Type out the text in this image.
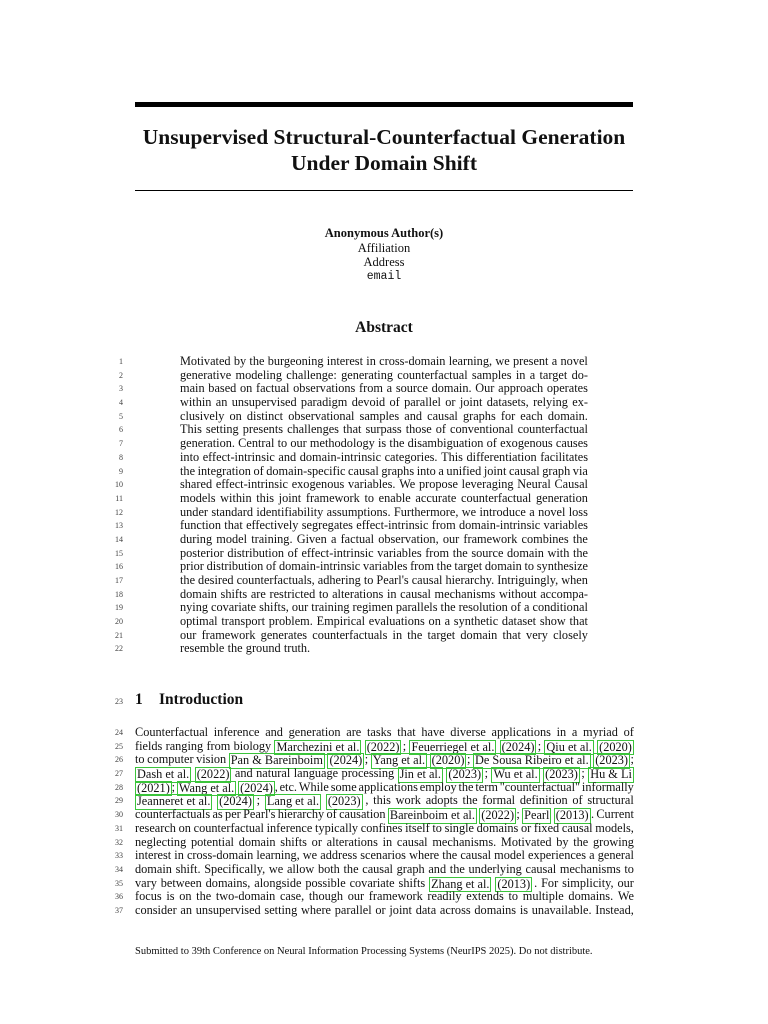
Unsupervised Structural-Counterfactual Generation
Under Domain Shift
Anonymous Author(s)
Affiliation
Address
email
Abstract
1	Motivated by the burgeoning interest in cross-domain learning, we present a novel
2	generative modeling challenge: generating counterfactual samples in a target do-
3	main based on factual observations from a source domain. Our approach operates
4	within an unsupervised paradigm devoid of parallel or joint datasets, relying ex-
5	clusively on distinct observational samples and causal graphs for each domain.
6	This setting presents challenges that surpass those of conventional counterfactual
7	generation. Central to our methodology is the disambiguation of exogenous causes
8	into effect-intrinsic and domain-intrinsic categories. This differentiation facilitates
9	the integration of domain-specific causal graphs into a unified joint causal graph via
10	shared effect-intrinsic exogenous variables. We propose leveraging Neural Causal
11	models within this joint framework to enable accurate counterfactual generation
12	under standard identifiability assumptions. Furthermore, we introduce a novel loss
13	function that effectively segregates effect-intrinsic from domain-intrinsic variables
14	during model training. Given a factual observation, our framework combines the
15	posterior distribution of effect-intrinsic variables from the source domain with the
16	prior distribution of domain-intrinsic variables from the target domain to synthesize
17	the desired counterfactuals, adhering to Pearl's causal hierarchy. Intriguingly, when
18	domain shifts are restricted to alterations in causal mechanisms without accompa-
19	nying covariate shifts, our training regimen parallels the resolution of a conditional
20	optimal transport problem. Empirical evaluations on a synthetic dataset show that
21	our framework generates counterfactuals in the target domain that very closely
22	resemble the ground truth.
23 1 Introduction
24 Counterfactual inference and generation are tasks that have diverse applications in a myriad of
25 fields ranging from biology Marchezini et al. (2022) ; Feuerriegel et al. (2024) ; Qiu et al. (2020)
26 to computer vision Pan & Bareinboim (2024) ; Yang et al. (2020) ; De Sousa Ribeiro et al. (2023) ;
27 Dash et al. (2022) and natural language processing Jin et al. (2023) ; Wu et al. (2023) ; Hu & Li
28 (2021) ; Wang et al. (2024) , etc. While some applications employ the term "counterfactual" informally
29 Jeanneret et al. (2024) ; Lang et al. (2023) , this work adopts the formal definition of structural
30 counterfactuals as per Pearl's hierarchy of causation Bareinboim et al. (2022) ; Pearl (2013) . Current
31 research on counterfactual inference typically confines itself to single domains or fixed causal models,
32 neglecting potential domain shifts or alterations in causal mechanisms. Motivated by the growing
33 interest in cross-domain learning, we address scenarios where the causal model experiences a general
34 domain shift. Specifically, we allow both the causal graph and the underlying causal mechanisms to
35 vary between domains, alongside possible covariate shifts Zhang et al. (2013) . For simplicity, our
36 focus is on the two-domain case, though our framework readily extends to multiple domains. We
37 consider an unsupervised setting where parallel or joint data across domains is unavailable. Instead,
Submitted to 39th Conference on Neural Information Processing Systems (NeurIPS 2025). Do not distribute.
